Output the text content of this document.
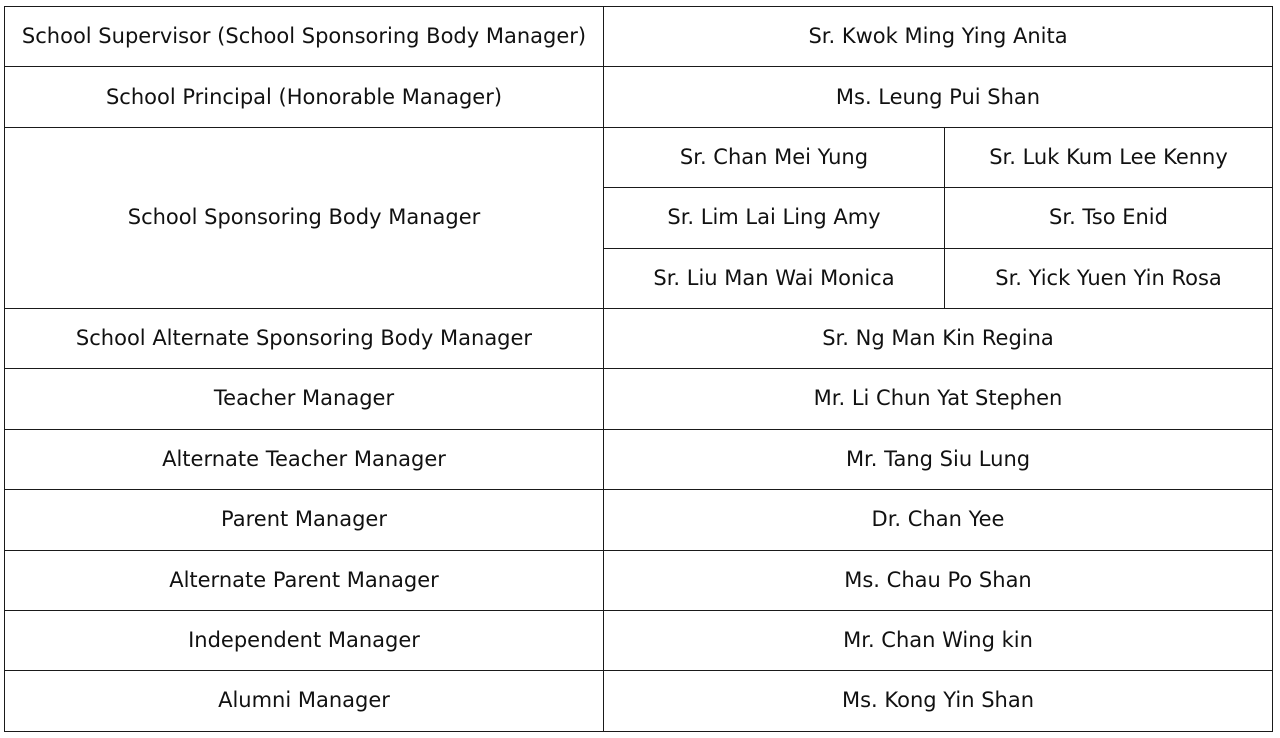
School Supervisor (School Sponsoring Body Manager)	Sr. Kwok Ming Ying Anita	
School Principal (Honorable Manager)	Ms. Leung Pui Shan	
School Sponsoring Body Manager	Sr. Chan Mei Yung	Sr. Luk Kum Lee Kenny
	Sr. Lim Lai Ling Amy	Sr. Tso Enid
	Sr. Liu Man Wai Monica	Sr. Yick Yuen Yin Rosa
School Alternate Sponsoring Body Manager	Sr. Ng Man Kin Regina	
Teacher Manager	Mr. Li Chun Yat Stephen	
Alternate Teacher Manager	Mr. Tang Siu Lung	
Parent Manager	Dr. Chan Yee	
Alternate Parent Manager	Ms. Chau Po Shan	
Independent Manager	Mr. Chan Wing kin	
Alumni Manager	Ms. Kong Yin Shan	
